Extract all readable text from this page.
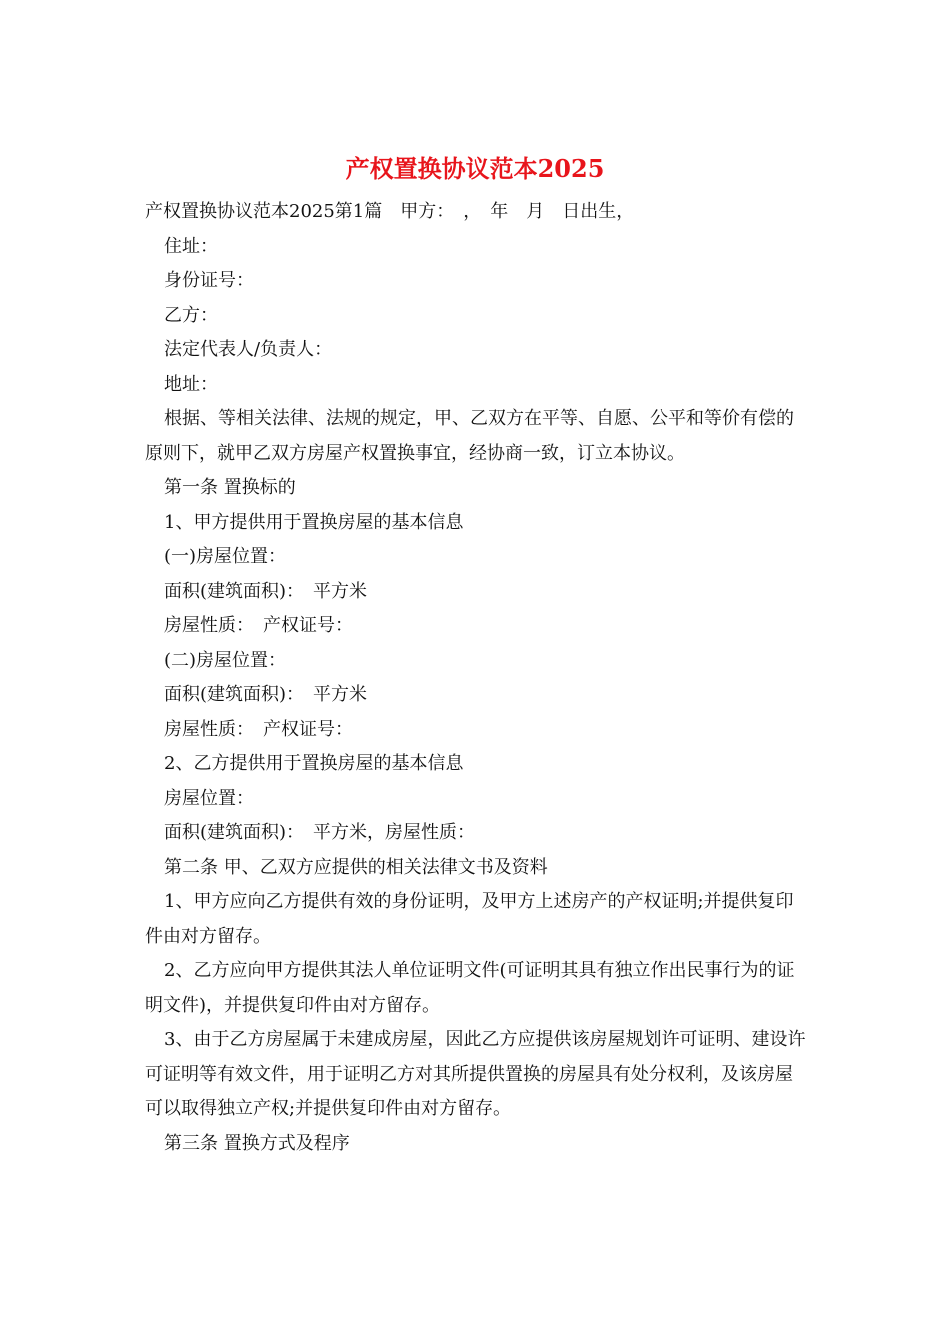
产权置换协议范本2025

产权置换协议范本2025第1篇　甲方：　，　年　月　日出生，

住址：

身份证号：

乙方：

法定代表人/负责人：

地址：

根据、等相关法律、法规的规定，甲、乙双方在平等、自愿、公平和等价有偿的原则下，就甲乙双方房屋产权置换事宜，经协商一致，订立本协议。

第一条 置换标的

1、甲方提供用于置换房屋的基本信息

(一)房屋位置：

面积(建筑面积)：　平方米

房屋性质：　产权证号：

(二)房屋位置：

面积(建筑面积)：　平方米

房屋性质：　产权证号：

2、乙方提供用于置换房屋的基本信息

房屋位置：

面积(建筑面积)：　平方米，房屋性质：

第二条 甲、乙双方应提供的相关法律文书及资料

1、甲方应向乙方提供有效的身份证明，及甲方上述房产的产权证明;并提供复印件由对方留存。

2、乙方应向甲方提供其法人单位证明文件(可证明其具有独立作出民事行为的证明文件)，并提供复印件由对方留存。

3、由于乙方房屋属于未建成房屋，因此乙方应提供该房屋规划许可证明、建设许可证明等有效文件，用于证明乙方对其所提供置换的房屋具有处分权利，及该房屋可以取得独立产权;并提供复印件由对方留存。

第三条 置换方式及程序
